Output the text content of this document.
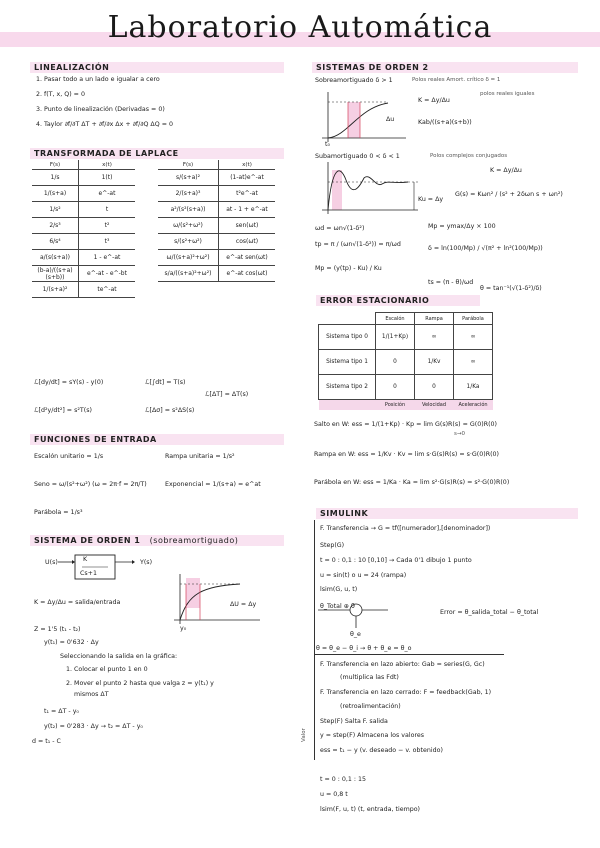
Laboratorio Automática
LINEALIZACIÓN
1. Pasar todo a un lado e igualar a cero
2. f(T, x, Q) = 0
3. Punto de linealización (Derivadas = 0)
4. Taylor ∂f/∂T ΔT + ∂f/∂x Δx + ∂f/∂Q ΔQ = 0
TRANSFORMADA DE LAPLACE
F(s)	x(t)
1/s	1(t)
1/(s+a)	e^-at
1/s²	t
2/s³	t²
6/s⁴	t³
a/(s(s+a))	1 - e^-at
(b-a)/((s+a)(s+b))	e^-at - e^-bt
1/(s+a)²	te^-at
F(s)	x(t)
s/(s+a)²	(1-at)e^-at
2/(s+a)³	t²e^-at
a²/(s²(s+a))	at - 1 + e^-at
ω/(s²+ω²)	sen(ωt)
s/(s²+ω²)	cos(ωt)
ω/((s+a)²+ω²)	e^-at sen(ωt)
s/a/((s+a)²+ω²)	e^-at cos(ωt)
ℒ[dy/dt] = sY(s) - y(0)	ℒ[∫dt] = T(s)
ℒ[ΔT] = ΔT(s)
ℒ[d²y/dt²] = s²T(s)	ℒ[Δσ] = s²ΔS(s)
FUNCIONES DE ENTRADA
Escalón unitario = 1/s	Rampa unitaria = 1/s²
Seno = ω/(s²+ω²) (ω = 2π·f = 2π/T)	Exponencial = 1/(s+a) = e^at
Parábola = 1/s³
SISTEMA DE ORDEN 1 (sobreamortiguado)
U(s)	K
Cs+1
Y(s)
K = Δy/Δu = salida/entrada	ΔU = Δy
y₀
Z = 1'5 (t₁ - t₂)
y(t₁) = 0'632 · Δy
Seleccionando la salida en la gráfica:
1. Colocar el punto 1 en 0
2. Mover el punto 2 hasta que valga z = y(t₁) y
mismos ΔT
t₁ = ΔT - y₀
y(t₂) = 0'283 · Δy → t₂ = ΔT - y₀
d = t₁ - C
SISTEMAS DE ORDEN 2
Sobreamortiguado δ > 1	Polos reales Amort. crítico δ = 1
polos reales iguales
Δu
t₀
K = Δy/Δu
Kab/((s+a)(s+b))
Subamortiguado 0 < δ < 1	Polos complejos conjugados
Ku = Δy
K = Δy/Δu
G(s) = Kωn² / (s² + 2δωn s + ωn²)
ωd = ωn√(1-δ²)	Mp = ymax/Δy × 100
tp = π / (ωn√(1-δ²)) = π/ωd
δ = ln(100/Mp) / √(π² + ln²(100/Mp))
Mp = (y(tp) - Ku) / Ku
ts = (π - θ)/ωd
θ = tan⁻¹(√(1-δ²)/δ)
ERROR ESTACIONARIO
	Escalón	Rampa	Parábola
Sistema tipo 0	1/(1+Kp)	∞	∞
Sistema tipo 1	0	1/Kv	∞
Sistema tipo 2	0	0	1/Ka
	Posición	Velocidad	Aceleración
Salto en W: ess = 1/(1+Kp) · Kp = lim G(s)R(s) = G(0)R(0)
s→0
Rampa en W: ess = 1/Kv · Kv = lim s·G(s)R(s) = s·G(0)R(0)
Parábola en W: ess = 1/Ka · Ka = lim s²·G(s)R(s) = s²·G(0)R(0)
SIMULINK
F. Transferencia → G = tf([numerador],[denominador])
Step(G)
t = 0 : 0,1 : 10 [0,10] → Cada 0'1 dibujo 1 punto
u = sin(t) o u = 24 (rampa)
lsim(G, u, t)
θ_Total ⊕ θ
Error = θ_salida_total − θ_total
θ_e
θ = θ_e − θ_i → θ + θ_e = θ_o
F. Transferencia en lazo abierto: Gab = series(G, Gc)
(multiplica las Fdt)
F. Transferencia en lazo cerrado: F = feedback(Gab, 1)
(retroalimentación)
Step(F) Salta F. salida
y = step(F) Almacena los valores
ess = t₁ − y (v. deseado − v. obtenido)
t = 0 : 0,1 : 15
u = 0,8 t
lsim(F, u, t) (t, entrada, tiempo)
Valor
